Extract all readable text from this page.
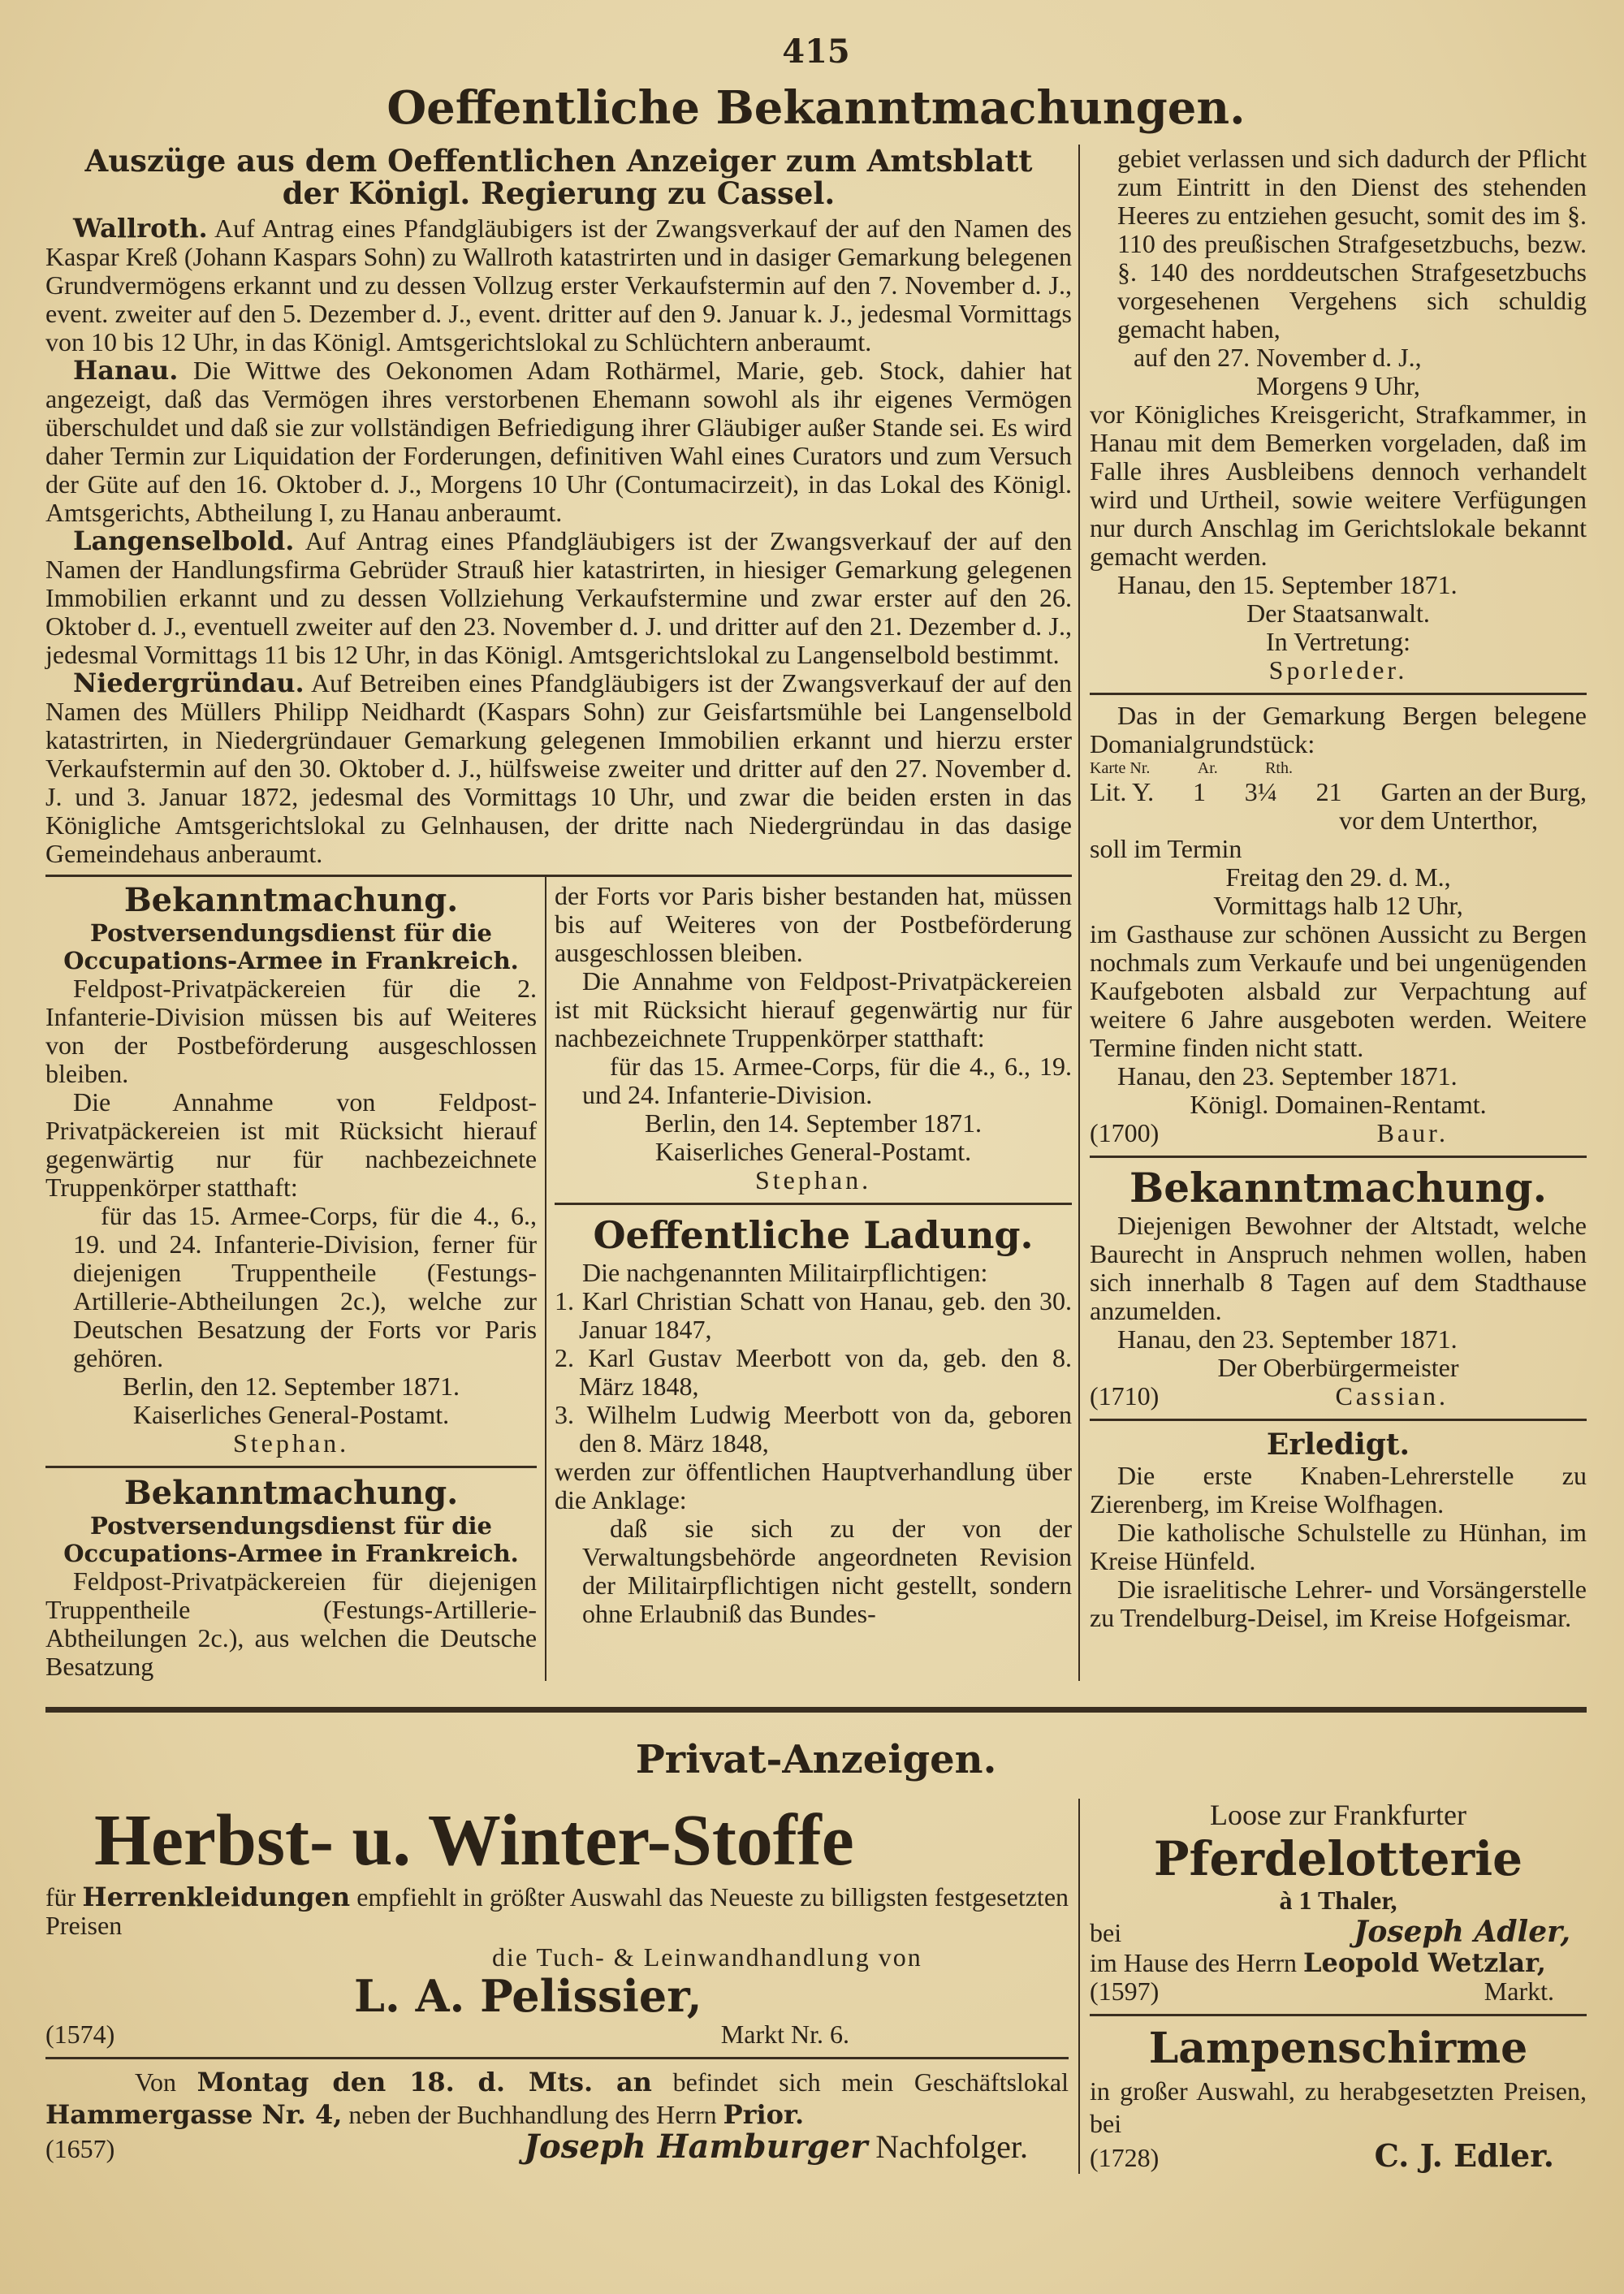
415
Oeffentliche Bekanntmachungen.
Auszüge aus dem Oeffentlichen Anzeiger zum Amtsblatt der Königl. Regierung zu Cassel.

Wallroth. Auf Antrag eines Pfandgläubigers ist der Zwangsverkauf der auf den Namen des Kaspar Kreß (Johann Kaspars Sohn) zu Wallroth katastrirten und in dasiger Gemarkung belegenen Grundvermögens erkannt und zu dessen Vollzug erster Verkaufstermin auf den 7. November d. J., event. zweiter auf den 5. Dezember d. J., event. dritter auf den 9. Januar k. J., jedesmal Vormittags von 10 bis 12 Uhr, in das Königl. Amtsgerichtslokal zu Schlüchtern anberaumt.

Hanau. Die Wittwe des Oekonomen Adam Rothärmel, Marie, geb. Stock, dahier hat angezeigt, daß das Vermögen ihres verstorbenen Ehemann sowohl als ihr eigenes Vermögen überschuldet und daß sie zur vollständigen Befriedigung ihrer Gläubiger außer Stande sei. Es wird daher Termin zur Liquidation der Forderungen, definitiven Wahl eines Curators und zum Versuch der Güte auf den 16. Oktober d. J., Morgens 10 Uhr (Contumacirzeit), in das Lokal des Königl. Amtsgerichts, Abtheilung I, zu Hanau anberaumt.

Langenselbold. Auf Antrag eines Pfandgläubigers ist der Zwangsverkauf der auf den Namen der Handlungsfirma Gebrüder Strauß hier katastrirten, in hiesiger Gemarkung gelegenen Immobilien erkannt und zu dessen Vollziehung Verkaufstermine und zwar erster auf den 26. Oktober d. J., eventuell zweiter auf den 23. November d. J. und dritter auf den 21. Dezember d. J., jedesmal Vormittags 11 bis 12 Uhr, in das Königl. Amtsgerichtslokal zu Langenselbold bestimmt.

Niedergründau. Auf Betreiben eines Pfandgläubigers ist der Zwangsverkauf der auf den Namen des Müllers Philipp Neidhardt (Kaspars Sohn) zur Geisfartsmühle bei Langenselbold katastrirten, in Niedergründauer Gemarkung gelegenen Immobilien erkannt und hierzu erster Verkaufstermin auf den 30. Oktober d. J., hülfsweise zweiter und dritter auf den 27. November d. J. und 3. Januar 1872, jedesmal des Vormittags 10 Uhr, und zwar die beiden ersten in das Königliche Amtsgerichtslokal zu Gelnhausen, der dritte nach Niedergründau in das dasige Gemeindehaus anberaumt.

Bekanntmachung.
Postversendungsdienst für die Occupations-Armee in Frankreich.

Feldpost-Privatpäckereien für die 2. Infanterie-Division müssen bis auf Weiteres von der Postbeförderung ausgeschlossen bleiben.

Die Annahme von Feldpost-Privatpäckereien ist mit Rücksicht hierauf gegenwärtig nur für nachbezeichnete Truppenkörper statthaft:

für das 15. Armee-Corps, für die 4., 6., 19. und 24. Infanterie-Division, ferner für diejenigen Truppentheile (Festungs-Artillerie-Abtheilungen 2c.), welche zur Deutschen Besatzung der Forts vor Paris gehören.

Berlin, den 12. September 1871.

Kaiserliches General-Postamt.

Stephan.

Bekanntmachung.
Postversendungsdienst für die Occupations-Armee in Frankreich.

Feldpost-Privatpäckereien für diejenigen Truppentheile (Festungs-Artillerie-Abtheilungen 2c.), aus welchen die Deutsche Besatzung

der Forts vor Paris bisher bestanden hat, müssen bis auf Weiteres von der Postbeförderung ausgeschlossen bleiben.

Die Annahme von Feldpost-Privatpäckereien ist mit Rücksicht hierauf gegenwärtig nur für nachbezeichnete Truppenkörper statthaft:

für das 15. Armee-Corps, für die 4., 6., 19. und 24. Infanterie-Division.

Berlin, den 14. September 1871.

Kaiserliches General-Postamt.

Stephan.

Oeffentliche Ladung.

Die nachgenannten Militairpflichtigen:

1. Karl Christian Schatt von Hanau, geb. den 30. Januar 1847,

2. Karl Gustav Meerbott von da, geb. den 8. März 1848,

3. Wilhelm Ludwig Meerbott von da, geboren den 8. März 1848,

werden zur öffentlichen Hauptverhandlung über die Anklage:

daß sie sich zu der von der Verwaltungsbehörde angeordneten Revision der Militairpflichtigen nicht gestellt, sondern ohne Erlaubniß das Bundes-

gebiet verlassen und sich dadurch der Pflicht zum Eintritt in den Dienst des stehenden Heeres zu entziehen gesucht, somit des im §. 110 des preußischen Strafgesetzbuchs, bezw. §. 140 des norddeutschen Strafgesetzbuchs vorgesehenen Vergehens sich schuldig gemacht haben,

auf den 27. November d. J.,

Morgens 9 Uhr,

vor Königliches Kreisgericht, Strafkammer, in Hanau mit dem Bemerken vorgeladen, daß im Falle ihres Ausbleibens dennoch verhandelt wird und Urtheil, sowie weitere Verfügungen nur durch Anschlag im Gerichtslokale bekannt gemacht werden.

Hanau, den 15. September 1871.

Der Staatsanwalt.

In Vertretung:

Sporleder.

Das in der Gemarkung Bergen belegene Domanialgrundstück:

Karte Nr.	Ar.	Rth.
Lit. Y. 1 3¼ 21 Garten an der Burg,

vor dem Unterthor,

soll im Termin

Freitag den 29. d. M.,

Vormittags halb 12 Uhr,

im Gasthause zur schönen Aussicht zu Bergen nochmals zum Verkaufe und bei ungenügenden Kaufgeboten alsbald zur Verpachtung auf weitere 6 Jahre ausgeboten werden. Weitere Termine finden nicht statt.

Hanau, den 23. September 1871.

Königl. Domainen-Rentamt.

(1700)	Baur.
Bekanntmachung.

Diejenigen Bewohner der Altstadt, welche Baurecht in Anspruch nehmen wollen, haben sich innerhalb 8 Tagen auf dem Stadthause anzumelden.

Hanau, den 23. September 1871.

Der Oberbürgermeister

(1710)	Cassian.
Erledigt.

Die erste Knaben-Lehrerstelle zu Zierenberg, im Kreise Wolfhagen.

Die katholische Schulstelle zu Hünhan, im Kreise Hünfeld.

Die israelitische Lehrer- und Vorsängerstelle zu Trendelburg-Deisel, im Kreise Hofgeismar.

Privat-Anzeigen.
Herbst- u. Winter-Stoffe

für Herrenkleidungen empfiehlt in größter Auswahl das Neueste zu billigsten festgesetzten Preisen

die Tuch- & Leinwandhandlung von

L. A. Pelissier,
(1574)	Markt Nr. 6.

Von Montag den 18. d. Mts. an befindet sich mein Geschäftslokal Hammergasse Nr. 4, neben der Buchhandlung des Herrn Prior.

(1657)	Joseph Hamburger Nachfolger.

Loose zur Frankfurter

Pferdelotterie

à 1 Thaler,

bei	Joseph Adler,

im Hause des Herrn Leopold Wetzlar,

(1597)	Markt.
Lampenschirme

in großer Auswahl, zu herabgesetzten Preisen, bei

(1728)	C. J. Edler.
